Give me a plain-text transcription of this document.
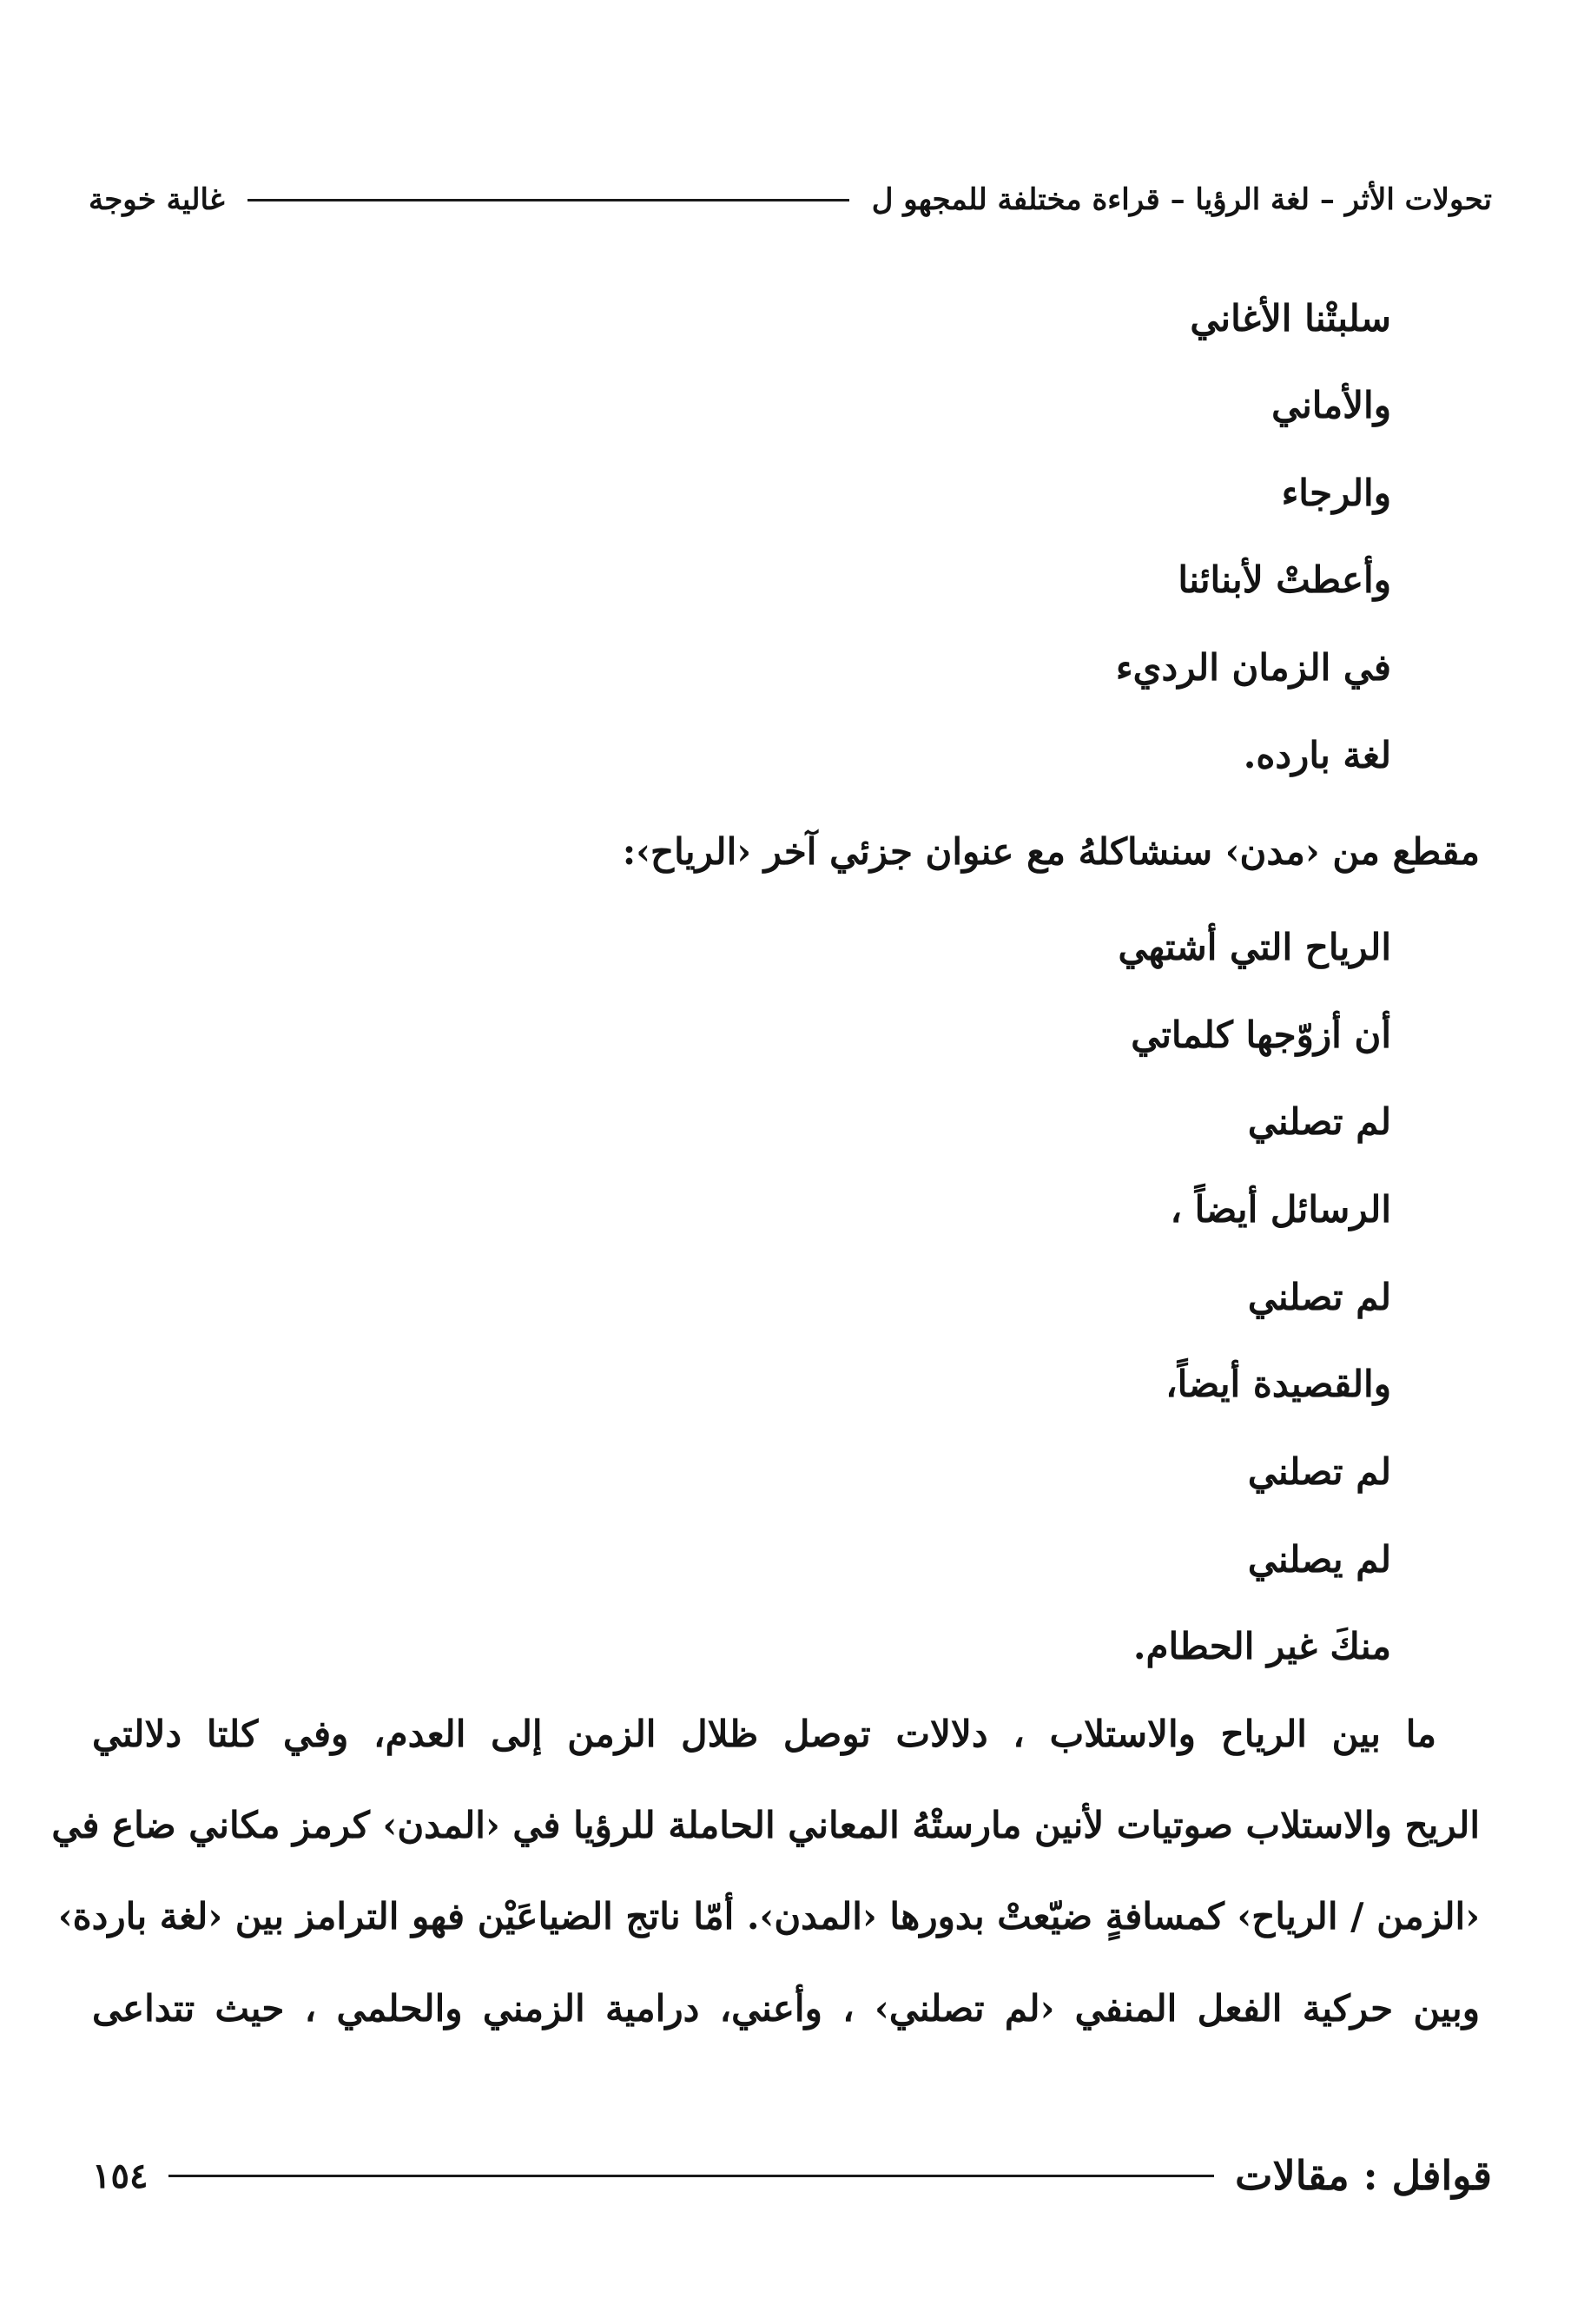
تحولات الأثر – لغة الرؤيا – قراءة مختلفة للمجهو ل
غالية خوجة
سلبتْنا الأغاني
والأماني
والرجاء
وأعطتْ لأبنائنا
في الزمان الرديء
لغة بارده.
مقطع من ‹مدن› سنشاكلهُ مع عنوان جزئي آخر ‹الرياح›:
الرياح التي أشتهي
أن أزوّجها كلماتي
لم تصلني
الرسائل أيضاً ،
لم تصلني
والقصيدة أيضاً،
لم تصلني
لم يصلني
منكَ غير الحطام.
ما بين الرياح والاستلاب ، دلالات توصل ظلال الزمن إلى العدم، وفي كلتا دلالتي
الريح والاستلاب صوتيات لأنين مارستْهُ المعاني الحاملة للرؤيا في ‹المدن› كرمز مكاني ضاع في
‹الزمن / الرياح› كمسافةٍ ضيّعتْ بدورها ‹المدن›. أمّا ناتج الضياعَيْن فهو الترامز بين ‹لغة باردة›
وبين حركية الفعل المنفي ‹لم تصلني› ، وأعني، درامية الزمني والحلمي ، حيث تتداعى
قوافل : مقالات
١٥٤
